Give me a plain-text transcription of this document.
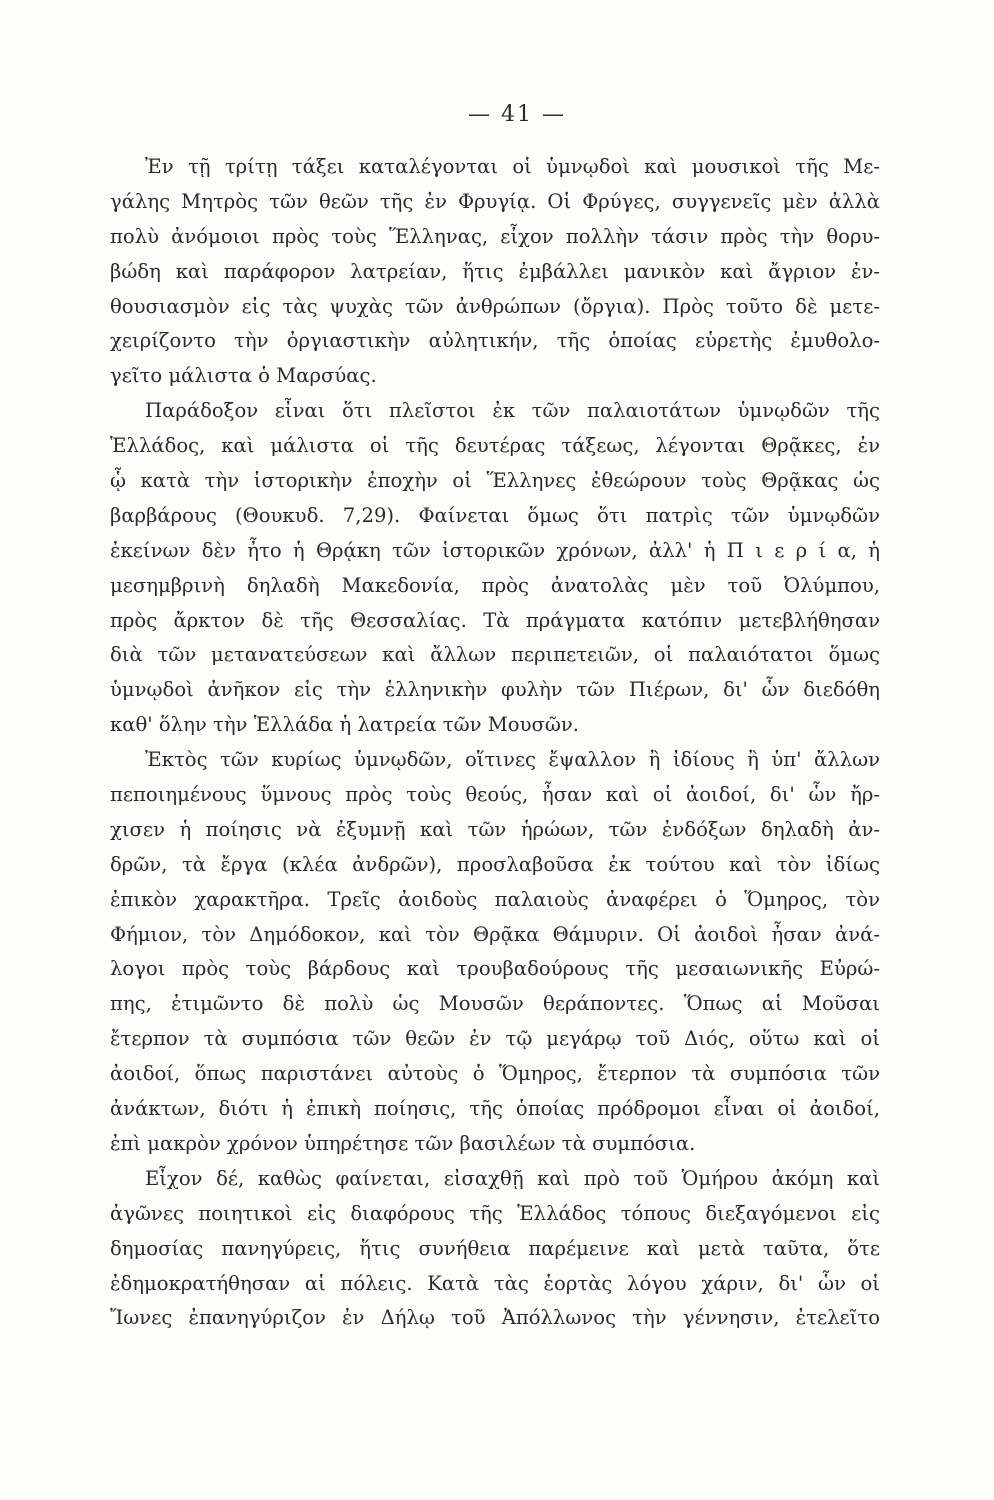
— 41 —
Ἐν τῇ τρίτῃ τάξει καταλέγονται οἱ ὑμνῳδοὶ καὶ μουσικοὶ τῆς Με-
γάλης Μητρὸς τῶν θεῶν τῆς ἐν Φρυγίᾳ. Οἱ Φρύγες, συγγενεῖς μὲν ἀλλὰ
πολὺ ἀνόμοιοι πρὸς τοὺς Ἕλληνας, εἶχον πολλὴν τάσιν πρὸς τὴν θορυ-
βώδη καὶ παράφορον λατρείαν, ἥτις ἐμβάλλει μανικὸν καὶ ἄγριον ἐν-
θουσιασμὸν εἰς τὰς ψυχὰς τῶν ἀνθρώπων (ὄργια). Πρὸς τοῦτο δὲ μετε-
χειρίζοντο τὴν ὀργιαστικὴν αὐλητικήν, τῆς ὁποίας εὑρετὴς ἐμυθολο-
γεῖτο μάλιστα ὁ Μαρσύας.
Παράδοξον εἶναι ὅτι πλεῖστοι ἐκ τῶν παλαιοτάτων ὑμνῳδῶν τῆς
Ἑλλάδος, καὶ μάλιστα οἱ τῆς δευτέρας τάξεως, λέγονται Θρᾷκες, ἐν
ᾧ κατὰ τὴν ἱστορικὴν ἐποχὴν οἱ Ἕλληνες ἐθεώρουν τοὺς Θρᾷκας ὡς
βαρβάρους (Θουκυδ. 7,29). Φαίνεται ὅμως ὅτι πατρὶς τῶν ὑμνῳδῶν
ἐκείνων δὲν ἦτο ἡ Θρᾴκη τῶν ἱστορικῶν χρόνων, ἀλλ' ἡ Π ι ε ρ ί α, ἡ
μεσημβρινὴ δηλαδὴ Μακεδονία, πρὸς ἀνατολὰς μὲν τοῦ Ὀλύμπου,
πρὸς ἄρκτον δὲ τῆς Θεσσαλίας. Τὰ πράγματα κατόπιν μετεβλήθησαν
διὰ τῶν μετανατεύσεων καὶ ἄλλων περιπετειῶν, οἱ παλαιότατοι ὅμως
ὑμνῳδοὶ ἀνῆκον εἰς τὴν ἑλληνικὴν φυλὴν τῶν Πιέρων, δι' ὧν διεδόθη
καθ' ὅλην τὴν Ἑλλάδα ἡ λατρεία τῶν Μουσῶν.
Ἐκτὸς τῶν κυρίως ὑμνῳδῶν, οἵτινες ἔψαλλον ἢ ἰδίους ἢ ὑπ' ἄλλων
πεποιημένους ὕμνους πρὸς τοὺς θεούς, ἦσαν καὶ οἱ ἀοιδοί, δι' ὧν ἤρ-
χισεν ἡ ποίησις νὰ ἐξυμνῇ καὶ τῶν ἡρώων, τῶν ἐνδόξων δηλαδὴ ἀν-
δρῶν, τὰ ἔργα (κλέα ἀνδρῶν), προσλαβοῦσα ἐκ τούτου καὶ τὸν ἰδίως
ἐπικὸν χαρακτῆρα. Τρεῖς ἀοιδοὺς παλαιοὺς ἀναφέρει ὁ Ὅμηρος, τὸν
Φήμιον, τὸν Δημόδοκον, καὶ τὸν Θρᾷκα Θάμυριν. Οἱ ἀοιδοὶ ἦσαν ἀνά-
λογοι πρὸς τοὺς βάρδους καὶ τρουβαδούρους τῆς μεσαιωνικῆς Εὐρώ-
πης, ἐτιμῶντο δὲ πολὺ ὡς Μουσῶν θεράποντες. Ὅπως αἱ Μοῦσαι
ἔτερπον τὰ συμπόσια τῶν θεῶν ἐν τῷ μεγάρῳ τοῦ Διός, οὕτω καὶ οἱ
ἀοιδοί, ὅπως παριστάνει αὐτοὺς ὁ Ὅμηρος, ἔτερπον τὰ συμπόσια τῶν
ἀνάκτων, διότι ἡ ἐπικὴ ποίησις, τῆς ὁποίας πρόδρομοι εἶναι οἱ ἀοιδοί,
ἐπὶ μακρὸν χρόνον ὑπηρέτησε τῶν βασιλέων τὰ συμπόσια.
Εἶχον δέ, καθὼς φαίνεται, εἰσαχθῇ καὶ πρὸ τοῦ Ὁμήρου ἀκόμη καὶ
ἀγῶνες ποιητικοὶ εἰς διαφόρους τῆς Ἑλλάδος τόπους διεξαγόμενοι εἰς
δημοσίας πανηγύρεις, ἥτις συνήθεια παρέμεινε καὶ μετὰ ταῦτα, ὅτε
ἐδημοκρατήθησαν αἱ πόλεις. Κατὰ τὰς ἑορτὰς λόγου χάριν, δι' ὧν οἱ
Ἴωνες ἐπανηγύριζον ἐν Δήλῳ τοῦ Ἀπόλλωνος τὴν γέννησιν, ἐτελεῖτο
